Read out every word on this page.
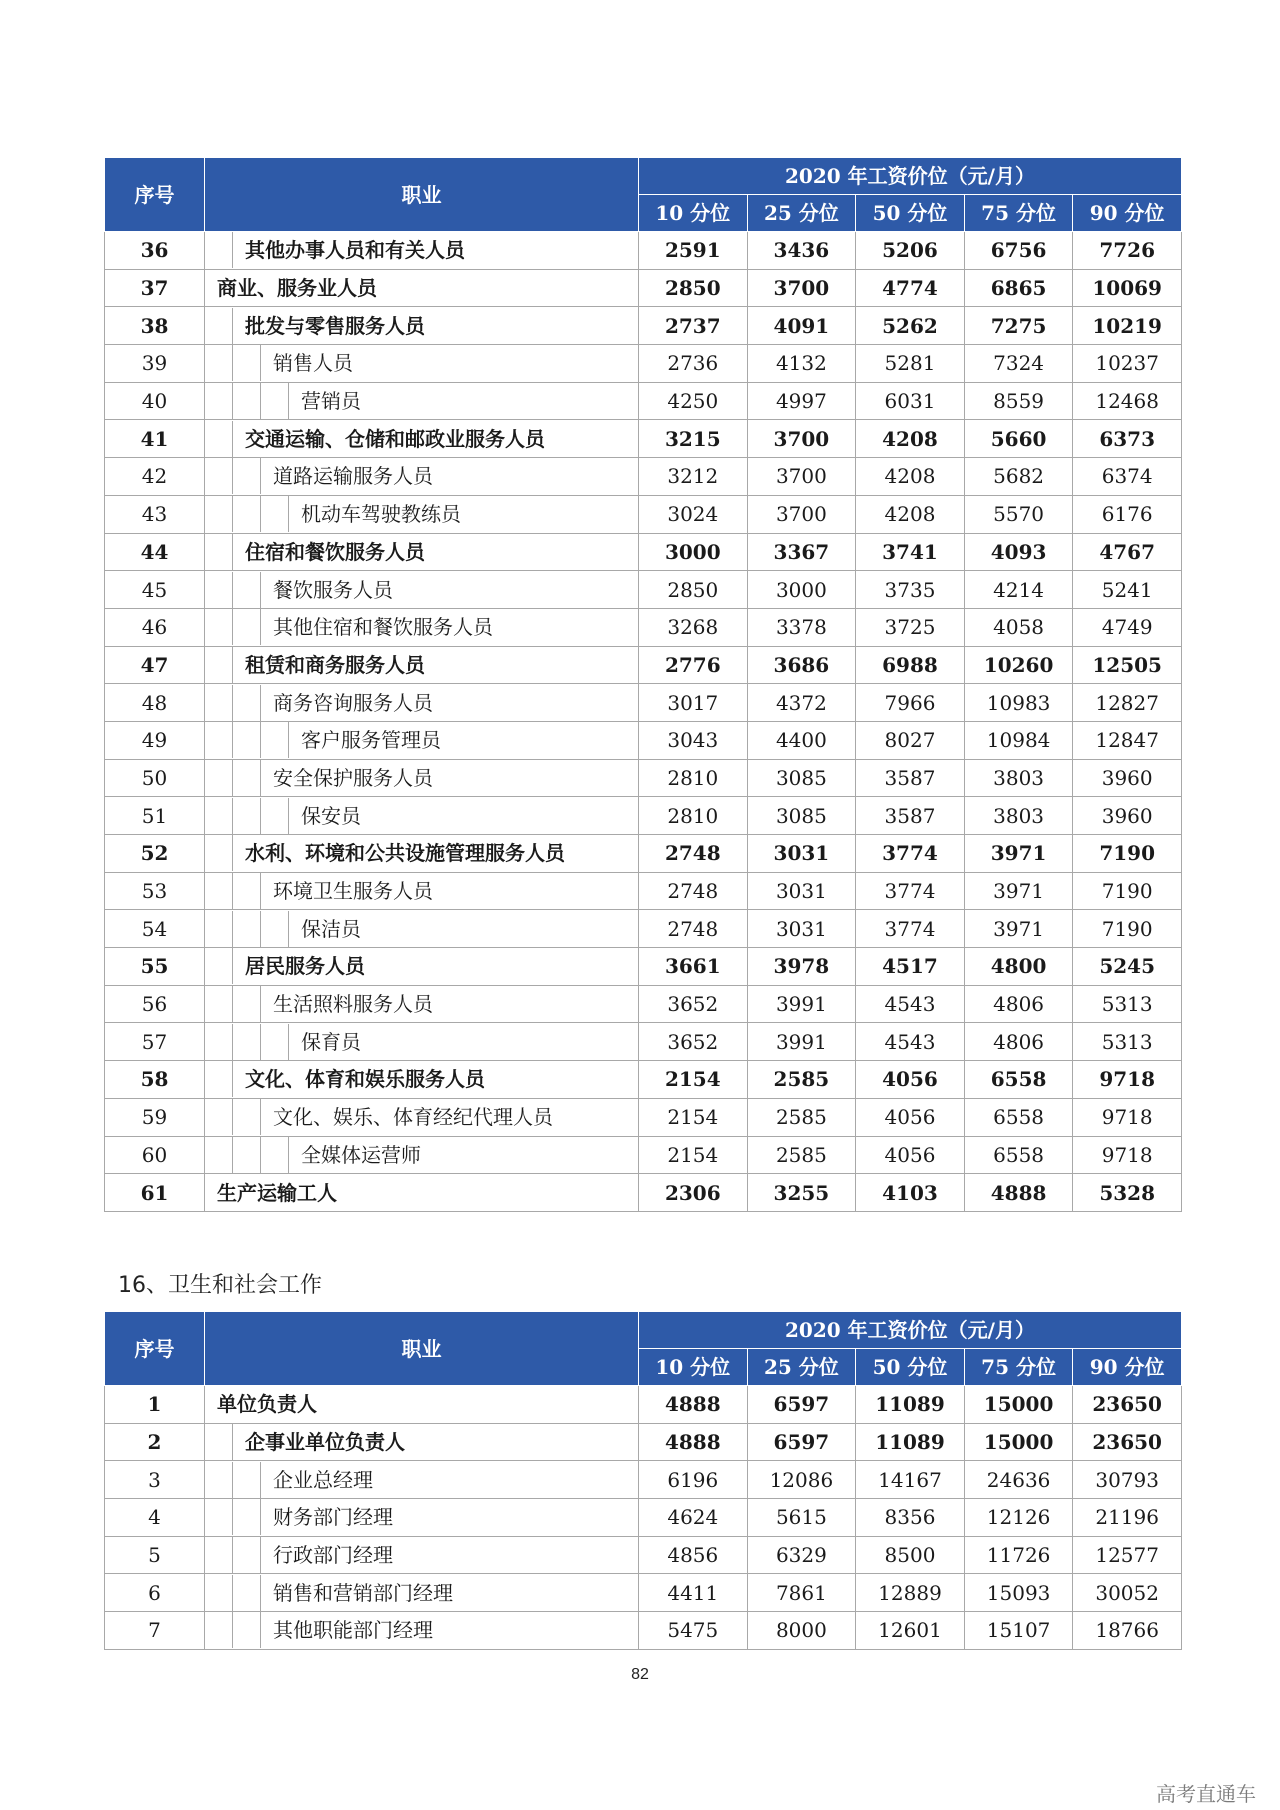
序号	职业	2020 年工资价位（元/月）				
		10 分位	25 分位	50 分位	75 分位	90 分位
36	其他办事人员和有关人员	2591	3436	5206	6756	7726
37	商业、服务业人员	2850	3700	4774	6865	10069
38	批发与零售服务人员	2737	4091	5262	7275	10219
39	销售人员	2736	4132	5281	7324	10237
40	营销员	4250	4997	6031	8559	12468
41	交通运输、仓储和邮政业服务人员	3215	3700	4208	5660	6373
42	道路运输服务人员	3212	3700	4208	5682	6374
43	机动车驾驶教练员	3024	3700	4208	5570	6176
44	住宿和餐饮服务人员	3000	3367	3741	4093	4767
45	餐饮服务人员	2850	3000	3735	4214	5241
46	其他住宿和餐饮服务人员	3268	3378	3725	4058	4749
47	租赁和商务服务人员	2776	3686	6988	10260	12505
48	商务咨询服务人员	3017	4372	7966	10983	12827
49	客户服务管理员	3043	4400	8027	10984	12847
50	安全保护服务人员	2810	3085	3587	3803	3960
51	保安员	2810	3085	3587	3803	3960
52	水利、环境和公共设施管理服务人员	2748	3031	3774	3971	7190
53	环境卫生服务人员	2748	3031	3774	3971	7190
54	保洁员	2748	3031	3774	3971	7190
55	居民服务人员	3661	3978	4517	4800	5245
56	生活照料服务人员	3652	3991	4543	4806	5313
57	保育员	3652	3991	4543	4806	5313
58	文化、体育和娱乐服务人员	2154	2585	4056	6558	9718
59	文化、娱乐、体育经纪代理人员	2154	2585	4056	6558	9718
60	全媒体运营师	2154	2585	4056	6558	9718
61	生产运输工人	2306	3255	4103	4888	5328
16、卫生和社会工作
序号	职业	2020 年工资价位（元/月）				
		10 分位	25 分位	50 分位	75 分位	90 分位
1	单位负责人	4888	6597	11089	15000	23650
2	企事业单位负责人	4888	6597	11089	15000	23650
3	企业总经理	6196	12086	14167	24636	30793
4	财务部门经理	4624	5615	8356	12126	21196
5	行政部门经理	4856	6329	8500	11726	12577
6	销售和营销部门经理	4411	7861	12889	15093	30052
7	其他职能部门经理	5475	8000	12601	15107	18766
82
高考直通车
